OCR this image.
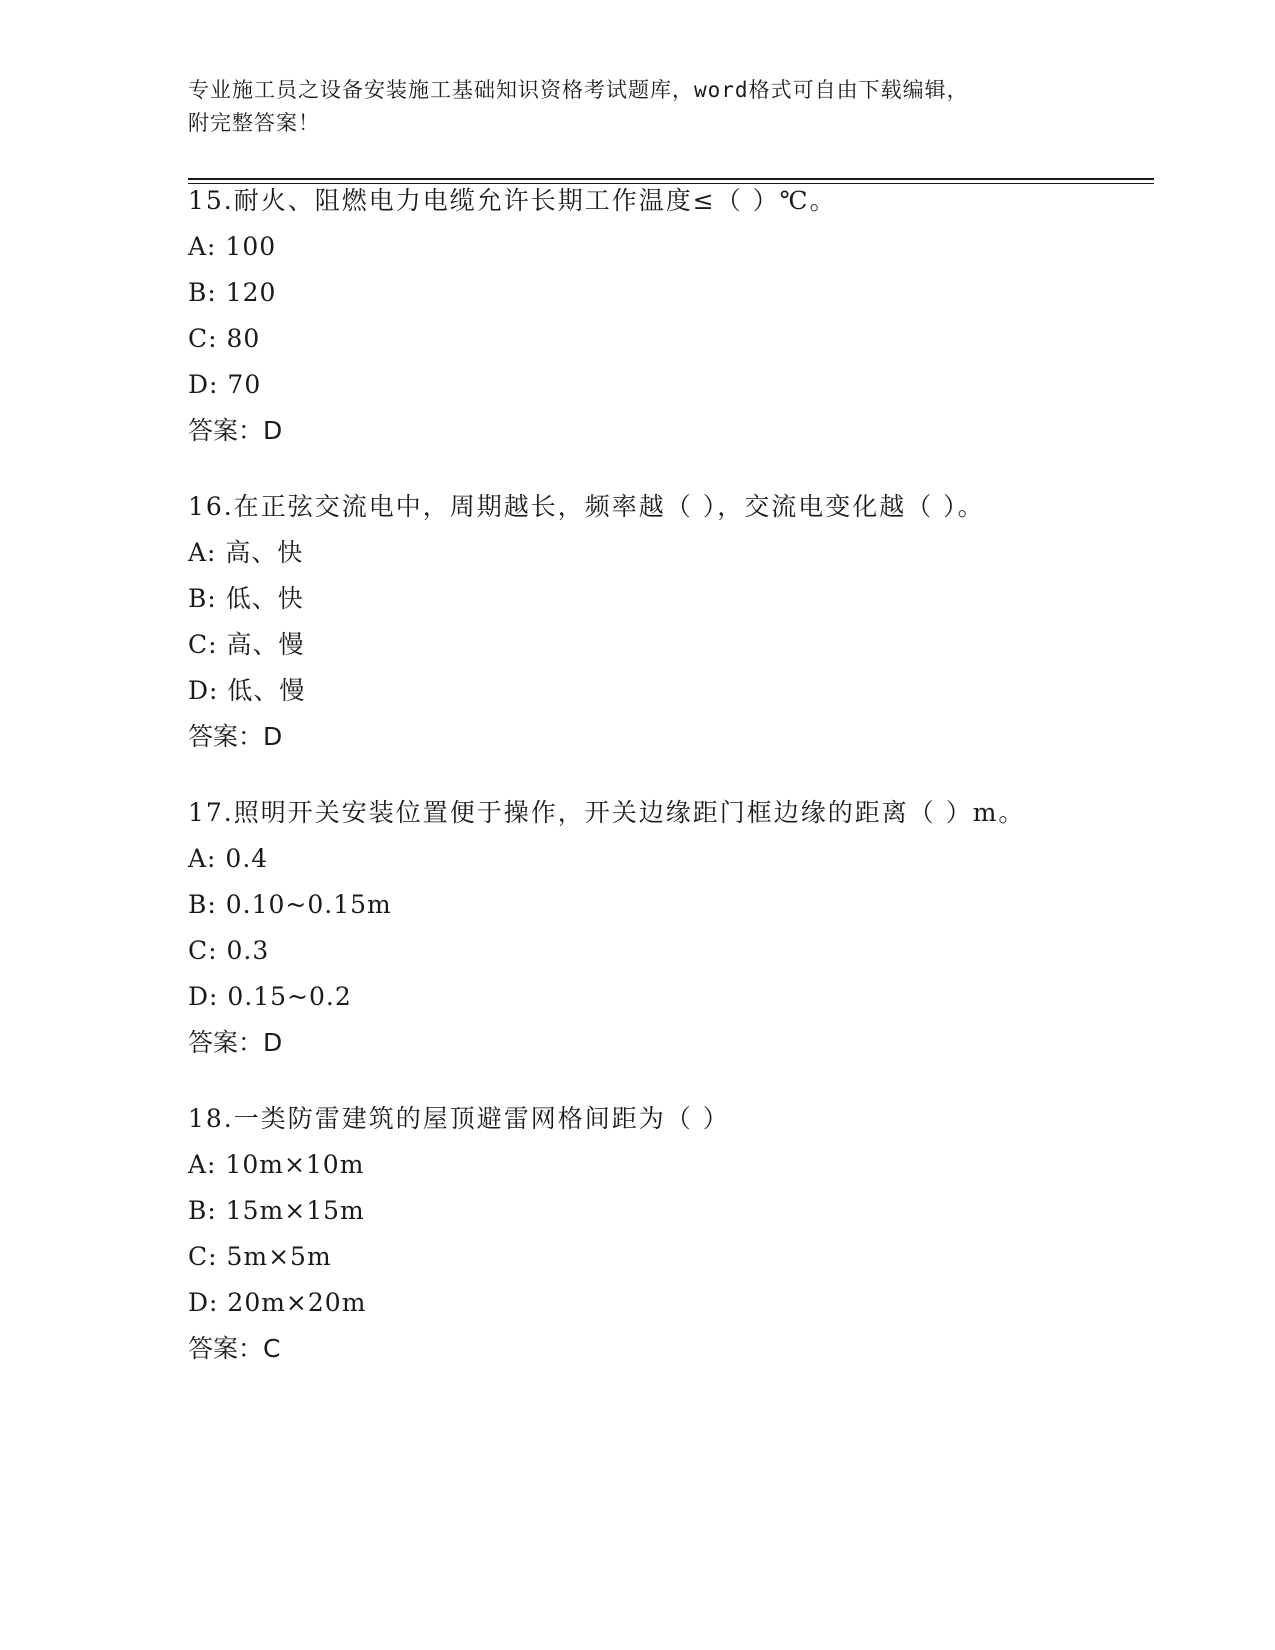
专业施工员之设备安装施工基础知识资格考试题库，word格式可自由下载编辑，
附完整答案！
15.耐火、阻燃电力电缆允许长期工作温度≤（ ）℃。
A: 100
B: 120
C: 80
D: 70
答案：D
16.在正弦交流电中，周期越长，频率越（ ），交流电变化越（ ）。
A: 高、快
B: 低、快
C: 高、慢
D: 低、慢
答案：D
17.照明开关安装位置便于操作，开关边缘距门框边缘的距离（ ）m。
A: 0.4
B: 0.10~0.15m
C: 0.3
D: 0.15~0.2
答案：D
18.一类防雷建筑的屋顶避雷网格间距为（ ）
A: 10m×10m
B: 15m×15m
C: 5m×5m
D: 20m×20m
答案：C
